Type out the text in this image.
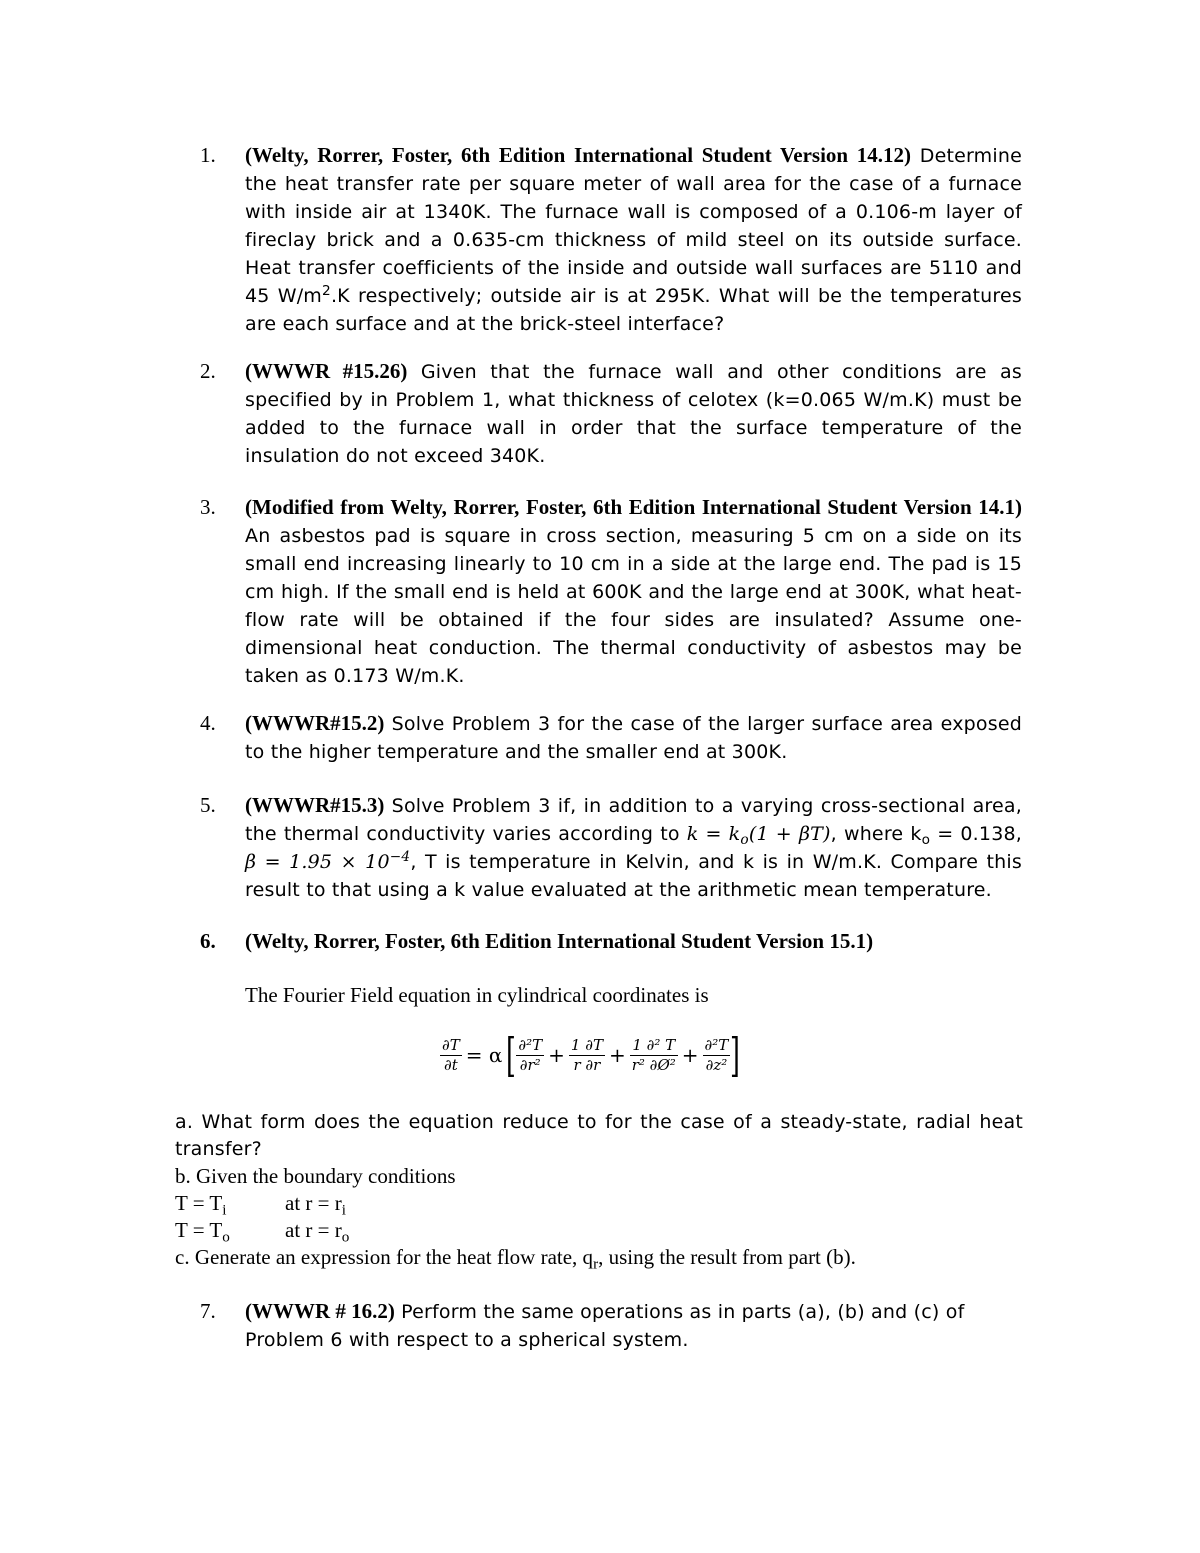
1. (Welty, Rorrer, Foster, 6th Edition International Student Version 14.12) Determine the heat transfer rate per square meter of wall area for the case of a furnace with inside air at 1340K. The furnace wall is composed of a 0.106-m layer of fireclay brick and a 0.635-cm thickness of mild steel on its outside surface. Heat transfer coefficients of the inside and outside wall surfaces are 5110 and 45 $W/m^2.K$ respectively; outside air is at 295K. What will be the temperatures are each surface and at the brick-steel interface?
2. (WWWR #15.26) Given that the furnace wall and other conditions are as specified by in Problem 1, what thickness of celotex (k=0.065 W/m.K) must be added to the furnace wall in order that the surface temperature of the insulation do not exceed 340K.
3. (Modified from Welty, Rorrer, Foster, 6th Edition International Student Version 14.1) An asbestos pad is square in cross section, measuring 5 cm on a side on its small end increasing linearly to 10 cm in a side at the large end. The pad is 15 cm high. If the small end is held at 600K and the large end at 300K, what heat-flow rate will be obtained if the four sides are insulated? Assume one-dimensional heat conduction. The thermal conductivity of asbestos may be taken as 0.173 W/m.K.
4. (WWWR#15.2) Solve Problem 3 for the case of the larger surface area exposed to the higher temperature and the smaller end at 300K.
5. (WWWR#15.3) Solve Problem 3 if, in addition to a varying cross-sectional area, the thermal conductivity varies according to $k = k_o(1 + \beta T)$, where $k_o = 0.138$, $\beta = 1.95 \times 10^{-4}$, T is temperature in Kelvin, and k is in W/m.K. Compare this result to that using a k value evaluated at the arithmetic mean temperature.
6. (Welty, Rorrer, Foster, 6th Edition International Student Version 15.1)
The Fourier Field equation in cylindrical coordinates is
$\frac{\partial T}{\partial t} = \alpha[ \frac{\text{∂²T}}{\text{∂r²}} + \frac{1 \partial T}{r \partial r} + \frac{\text{1 ∂² T}}{\text{r² ∂Ø²}} + \frac{\text{∂²T}}{\text{∂z²}}$ ]
a. What form does the equation reduce to for the case of a steady-state, radial heat transfer?
b. Given the boundary conditions
$T = T_i$	at $r = r_i$
$T = T_o$	at $r = r_o$
c. Generate an expression for the heat flow rate, $q_r$, using the result from part (b).
7. (WWWR # 16.2) Perform the same operations as in parts (a), (b) and (c) of Problem 6 with respect to a spherical system.
